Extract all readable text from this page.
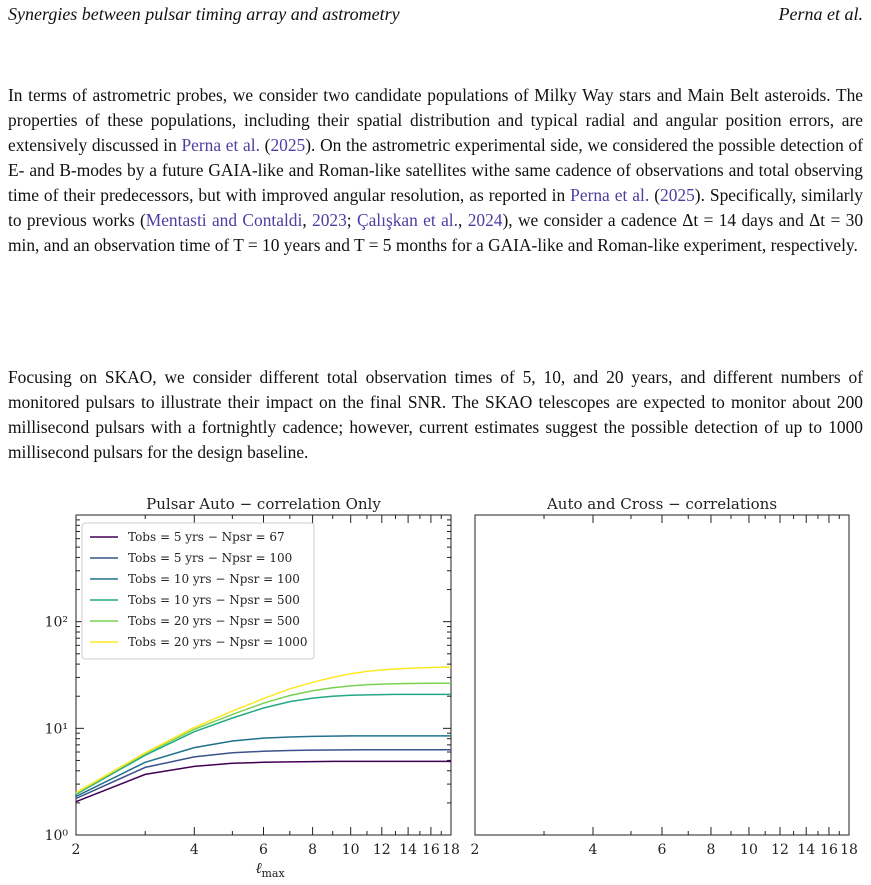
Synergies between pulsar timing array and astrometry	Perna et al.

In terms of astrometric probes, we consider two candidate populations of Milky Way stars and Main Belt asteroids. The properties of these populations, including their spatial distribution and typical radial and angular position errors, are extensively discussed in Perna et al. (2025). On the astrometric experimental side, we considered the possible detection of E- and B-modes by a future GAIA-like and Roman-like satellites withe same cadence of observations and total observing time of their predecessors, but with improved angular resolution, as reported in Perna et al. (2025). Specifically, similarly to previous works (Mentasti and Contaldi, 2023; Çalışkan et al., 2024), we consider a cadence Δt = 14 days and Δt = 30 min, and an observation time of T = 10 years and T = 5 months for a GAIA-like and Roman-like experiment, respectively.

Focusing on SKAO, we consider different total observation times of 5, 10, and 20 years, and different numbers of monitored pulsars to illustrate their impact on the final SNR. The SKAO telescopes are expected to monitor about 200 millisecond pulsars with a fortnightly cadence; however, current estimates suggest the possible detection of up to 1000 millisecond pulsars for the design baseline.

Pulsar Auto − correlation Only
2	4	6	8 10 12 14 16 18
10⁰
10¹
10²
ℓ max
Tobs = 5 yrs − Npsr = 67
Tobs = 5 yrs − Npsr = 100
Tobs = 10 yrs − Npsr = 100
Tobs = 10 yrs − Npsr = 500
Tobs = 20 yrs − Npsr = 500
Tobs = 20 yrs − Npsr = 1000
Auto and Cross − correlations
2	4	6	8 10 12 14 16 18
